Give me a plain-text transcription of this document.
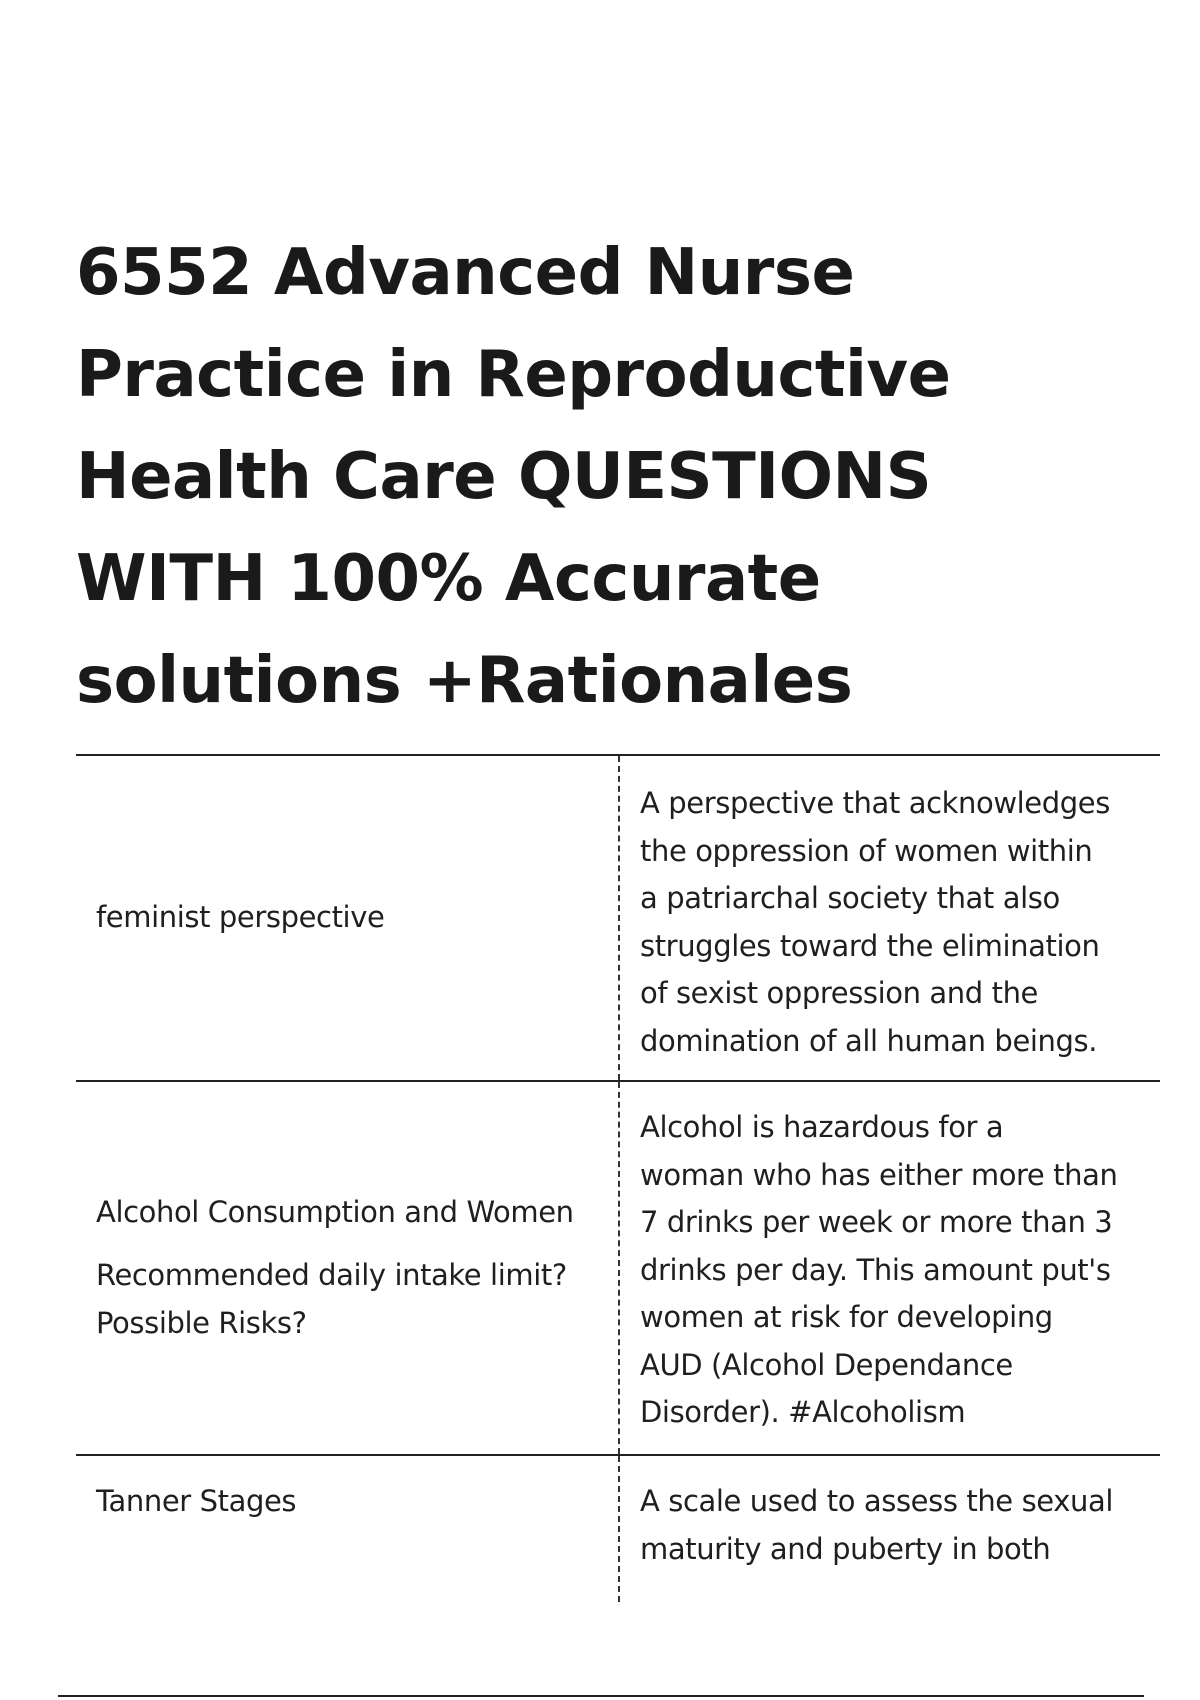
6552 Advanced Nurse
Practice in Reproductive
Health Care QUESTIONS
WITH 100% Accurate
solutions +Rationales

feminist perspective

A perspective that acknowledges
the oppression of women within
a patriarchal society that also
struggles toward the elimination
of sexist oppression and the
domination of all human beings.

Alcohol Consumption and Women

Recommended daily intake limit? Possible Risks?

Alcohol is hazardous for a
woman who has either more than
7 drinks per week or more than 3
drinks per day. This amount put's
women at risk for developing
AUD (Alcohol Dependance
Disorder). #Alcoholism

Tanner Stages	A scale used to assess the sexual
maturity and puberty in both
